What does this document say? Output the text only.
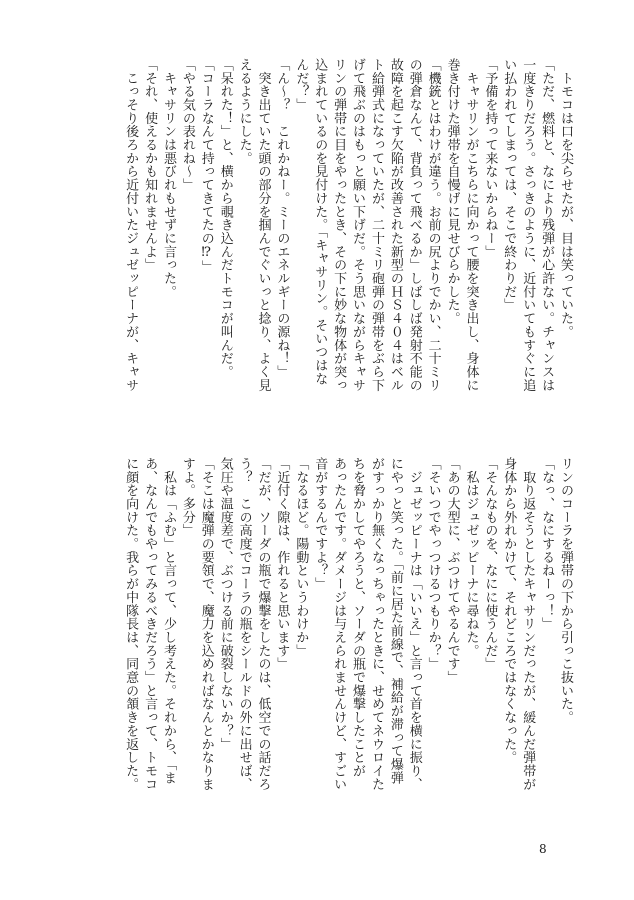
　トモコは口を尖らせたが、目は笑っていた。
「ただ、燃料と、なにより残弾が心許ない。チャンスは
一度きりだろう。さっきのように、近付いてもすぐに追
い払われてしまっては、そこで終わりだ」
「予備を持って来ないからねー」
　キャサリンがこちらに向かって腰を突き出し、身体に
巻き付けた弾帯を自慢げに見せびらかした。
「機銃とはわけが違う。お前の尻よりでかい、二十ミリ
の弾倉なんて、背負って飛べるか」しばしば発射不能の
故障を起こす欠陥が改善された新型のＨＳ４０４はベル
ト給弾式になっていたが、二十ミリ砲弾の弾帯をぶら下
げて飛ぶのはもっと願い下げだ。そう思いながらキャサ
リンの弾帯に目をやったとき、その下に妙な物体が突っ
込まれているのを見付けた。「キャサリン。そいつはな
んだ？」
「ん〜？　これかねー。ミーのエネルギーの源ね！」
　突き出ていた頭の部分を掴んでぐいっと捻り、よく見
えるようにした。
「呆れた！」と、横から覗き込んだトモコが叫んだ。
「コーラなんて持ってきてたの⁉」
「やる気の表れね〜」
　キャサリンは悪びれもせずに言った。
「それ、使えるかも知れませんよ」
　こっそり後ろから近付いたジュゼッピーナが、キャサ
リンのコーラを弾帯の下から引っこ抜いた。
「なっ、なにするねーっ！」
　取り返そうとしたキャサリンだったが、緩んだ弾帯が
身体から外れかけて、それどころではなくなった。
「そんなものを、なにに使うんだ」
　私はジュゼッピーナに尋ねた。
「あの大型に、ぶつけてやるんです」
「そいつでやっつけるつもりか？」
　ジュゼッピーナは「いいえ」と言って首を横に振り、
にやっと笑った。「前に居た前線で、補給が滞って爆弾
がすっかり無くなっちゃったときに、せめてネウロイた
ちを脅かしてやろうと、ソーダの瓶で爆撃したことが
あったんです。ダメージは与えられませんけど、すごい
音がするんですよ？」
「なるほど。陽動というわけか」
「近付く隙は、作れると思います」
「だが、ソーダの瓶で爆撃をしたのは、低空での話だろ
う？　この高度でコーラの瓶をシールドの外に出せば、
気圧や温度差で、ぶつける前に破裂しないか？」
「そこは魔弾の要領で、魔力を込めればなんとかなりま
すよ。多分」
　私は「ふむ」と言って、少し考えた。それから、「ま
あ、なんでもやってみるべきだろう」と言って、トモコ
に顔を向けた。我らが中隊長は、同意の頷きを返した。
8
